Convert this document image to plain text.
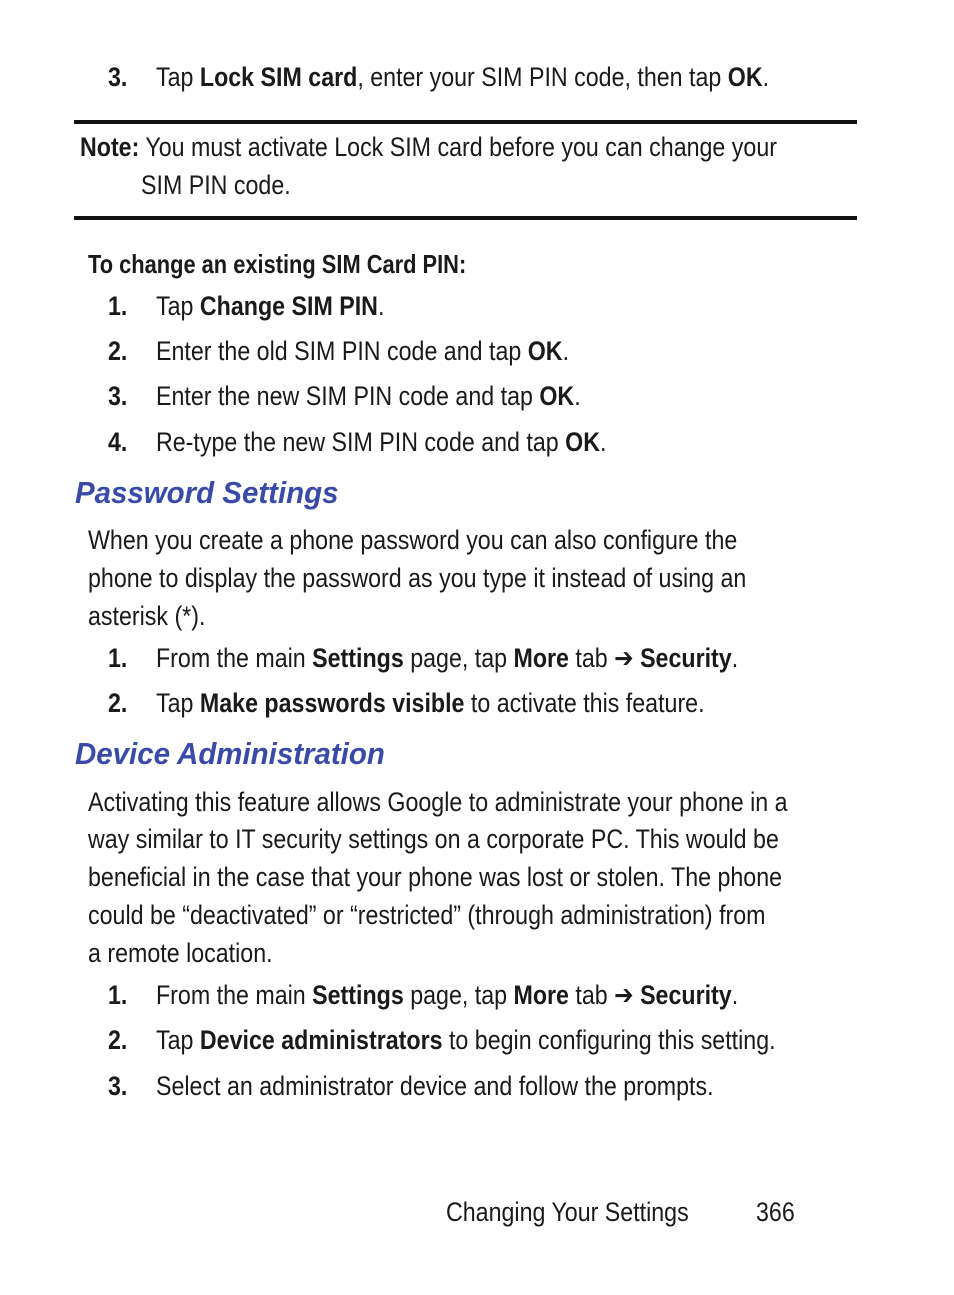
3. Tap Lock SIM card, enter your SIM PIN code, then tap OK.
Note: You must activate Lock SIM card before you can change your
SIM PIN code.
To change an existing SIM Card PIN:
1. Tap Change SIM PIN.
2. Enter the old SIM PIN code and tap OK.
3. Enter the new SIM PIN code and tap OK.
4. Re-type the new SIM PIN code and tap OK.
Password Settings
When you create a phone password you can also configure the
phone to display the password as you type it instead of using an
asterisk (*).
1. From the main Settings page, tap More tab ➔ Security.
2. Tap Make passwords visible to activate this feature.
Device Administration
Activating this feature allows Google to administrate your phone in a
way similar to IT security settings on a corporate PC. This would be
beneficial in the case that your phone was lost or stolen. The phone
could be “deactivated” or “restricted” (through administration) from
a remote location.
1. From the main Settings page, tap More tab ➔ Security.
2. Tap Device administrators to begin configuring this setting.
3. Select an administrator device and follow the prompts.
Changing Your Settings 366
